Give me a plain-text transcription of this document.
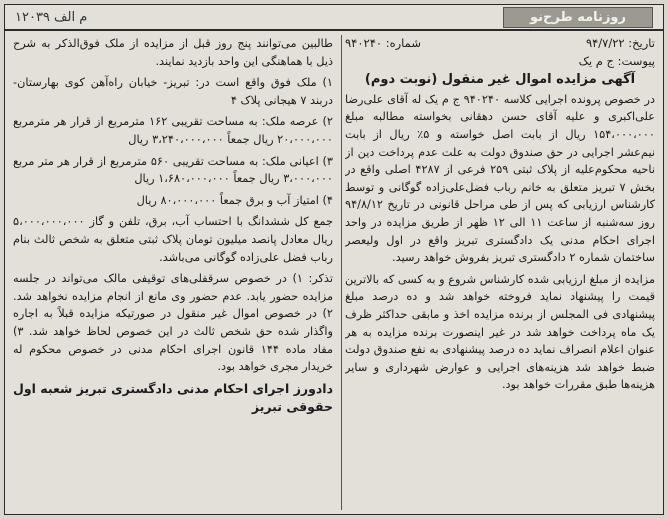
روزنامه طرح‌نو
م الف ۱۲۰۳۹
تاریخ: ۹۴/۷/۲۲
شماره: ۹۴۰۲۴۰
پیوست: ج م یک
آگهی مزایده اموال غیر منقول (نوبت دوم)

در خصوص پرونده اجرایی کلاسه ۹۴۰۲۴۰ ج م یک له آقای علی‌رضا علی‌اکبری و علیه آقای حسن دهقانی بخواسته مطالبه مبلغ ۱۵۴،۰۰۰،۰۰۰ ریال از بابت اصل خواسته و ۵٪ ریال از بابت نیم‌عشر اجرایی در حق صندوق دولت به علت عدم پرداخت دین از ناحیه محکوم‌علیه از پلاک ثبتی ۲۵۹ فرعی از ۴۲۸۷ اصلی واقع در بخش ۷ تبریز متعلق به خانم رباب فضل‌علی‌زاده گوگانی و توسط کارشناس ارزیابی که پس از طی مراحل قانونی در تاریخ ۹۴/۸/۱۲ روز سه‌شنبه از ساعت ۱۱ الی ۱۲ ظهر از طریق مزایده در واحد اجرای احکام مدنی یک دادگستری تبریز واقع در اول ولیعصر ساختمان شماره ۲ دادگستری تبریز بفروش خواهد رسید.

مزایده از مبلغ ارزیابی شده کارشناس شروع و به کسی که بالاترین قیمت را پیشنهاد نماید فروخته خواهد شد و ده درصد مبلغ پیشنهادی فی المجلس از برنده مزایده اخذ و مابقی حداکثر ظرف یک ماه پرداخت خواهد شد در غیر اینصورت برنده مزایده به هر عنوان اعلام انصراف نماید ده درصد پیشنهادی به نفع صندوق دولت ضبط خواهد شد هزینه‌های اجرایی و عوارض شهرداری و سایر هزینه‌ها طبق مقررات خواهد بود.

طالبین می‌توانند پنج روز قبل از مزایده از ملک فوق‌الذکر به شرح ذیل با هماهنگی این واحد بازدید نمایند.

۱) ملک فوق واقع است در: تبریز- خیابان راه‌آهن کوی بهارستان- دربند ۷ هیجانی پلاک ۴

۲) عرصه ملک: به مساحت تقریبی ۱۶۲ مترمربع از قرار هر مترمربع ۲۰،۰۰۰،۰۰۰ ریال جمعاً ۳،۲۴۰،۰۰۰،۰۰۰ ریال

۳) اعیانی ملک: به مساحت تقریبی ۵۶۰ مترمربع از قرار هر متر مربع ۳،۰۰۰،۰۰۰ ریال جمعاً ۱،۶۸۰،۰۰۰،۰۰۰ ریال

۴) امتیاز آب و برق جمعاً ۸۰،۰۰۰،۰۰۰ ریال

جمع کل ششدانگ با احتساب آب، برق، تلفن و گاز ۵،۰۰۰،۰۰۰،۰۰۰ ریال معادل پانصد میلیون تومان پلاک ثبتی متعلق به شخص ثالث بنام رباب فضل علی‌زاده گوگانی می‌باشد.

تذکر: ۱) در خصوص سرقفلی‌های توقیفی مالک می‌تواند در جلسه مزایده حضور یابد. عدم حضور وی مانع از انجام مزایده نخواهد شد. ۲) در خصوص اموال غیر منقول در صورتیکه مزایده قبلاً به اجاره واگذار شده حق شخص ثالث در این خصوص لحاظ خواهد شد. ۳) مفاد ماده ۱۴۴ قانون اجرای احکام مدنی در خصوص محکوم له خریدار مجری خواهد بود.

دادورز اجرای احکام مدنی دادگستری تبریز شعبه اول حقوقی تبریز
